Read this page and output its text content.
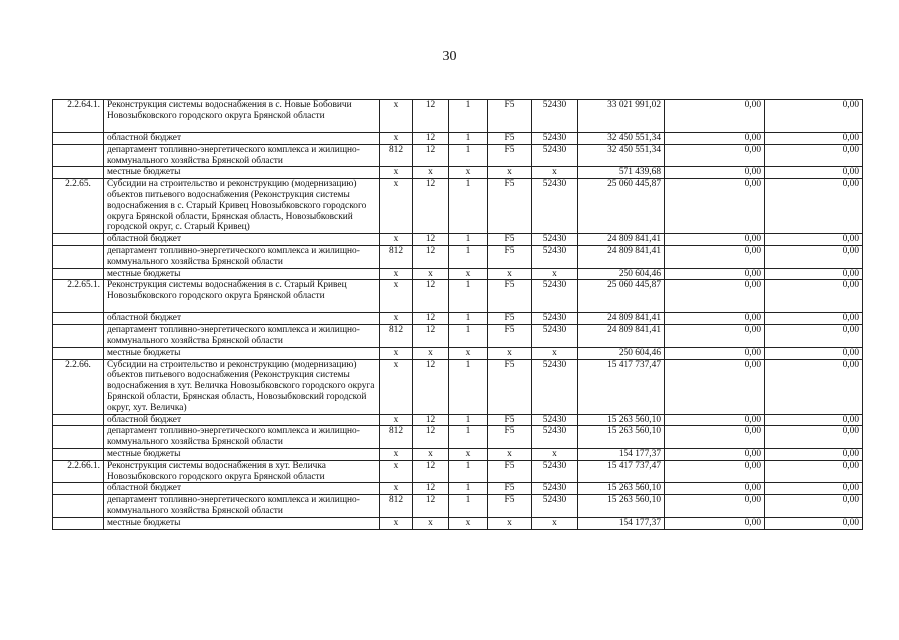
30
2.2.64.1.	Реконструкция системы водоснабжения в с. Новые Бобовичи Новозыбковского городского округа Брянской области	x	12	1	F5	52430	33 021 991,02	0,00	0,00
	областной бюджет	x	12	1	F5	52430	32 450 551,34	0,00	0,00
	департамент топливно-энергетического комплекса и жилищно-коммунального хозяйства Брянской области	812	12	1	F5	52430	32 450 551,34	0,00	0,00
	местные бюджеты	x	x	x	x	x	571 439,68	0,00	0,00
2.2.65.	Субсидии на строительство и реконструкцию (модернизацию) объектов питьевого водоснабжения (Реконструкция системы водоснабжения в с. Старый Кривец Новозыбковского городского округа Брянской области, Брянская область, Новозыбковский городской округ, с. Старый Кривец)	x	12	1	F5	52430	25 060 445,87	0,00	0,00
	областной бюджет	x	12	1	F5	52430	24 809 841,41	0,00	0,00
	департамент топливно-энергетического комплекса и жилищно-коммунального хозяйства Брянской области	812	12	1	F5	52430	24 809 841,41	0,00	0,00
	местные бюджеты	x	x	x	x	x	250 604,46	0,00	0,00
2.2.65.1.	Реконструкция системы водоснабжения в с. Старый Кривец Новозыбковского городского округа Брянской области	x	12	1	F5	52430	25 060 445,87	0,00	0,00
	областной бюджет	x	12	1	F5	52430	24 809 841,41	0,00	0,00
	департамент топливно-энергетического комплекса и жилищно-коммунального хозяйства Брянской области	812	12	1	F5	52430	24 809 841,41	0,00	0,00
	местные бюджеты	x	x	x	x	x	250 604,46	0,00	0,00
2.2.66.	Субсидии на строительство и реконструкцию (модернизацию) объектов питьевого водоснабжения (Реконструкция системы водоснабжения в хут. Величка Новозыбковского городского округа Брянской области, Брянская область, Новозыбковский городской округ, хут. Величка)	x	12	1	F5	52430	15 417 737,47	0,00	0,00
	областной бюджет	x	12	1	F5	52430	15 263 560,10	0,00	0,00
	департамент топливно-энергетического комплекса и жилищно-коммунального хозяйства Брянской области	812	12	1	F5	52430	15 263 560,10	0,00	0,00
	местные бюджеты	x	x	x	x	x	154 177,37	0,00	0,00
2.2.66.1.	Реконструкция системы водоснабжения в хут. Величка Новозыбковского городского округа Брянской области	x	12	1	F5	52430	15 417 737,47	0,00	0,00
	областной бюджет	x	12	1	F5	52430	15 263 560,10	0,00	0,00
	департамент топливно-энергетического комплекса и жилищно-коммунального хозяйства Брянской области	812	12	1	F5	52430	15 263 560,10	0,00	0,00
	местные бюджеты	x	x	x	x	x	154 177,37	0,00	0,00
